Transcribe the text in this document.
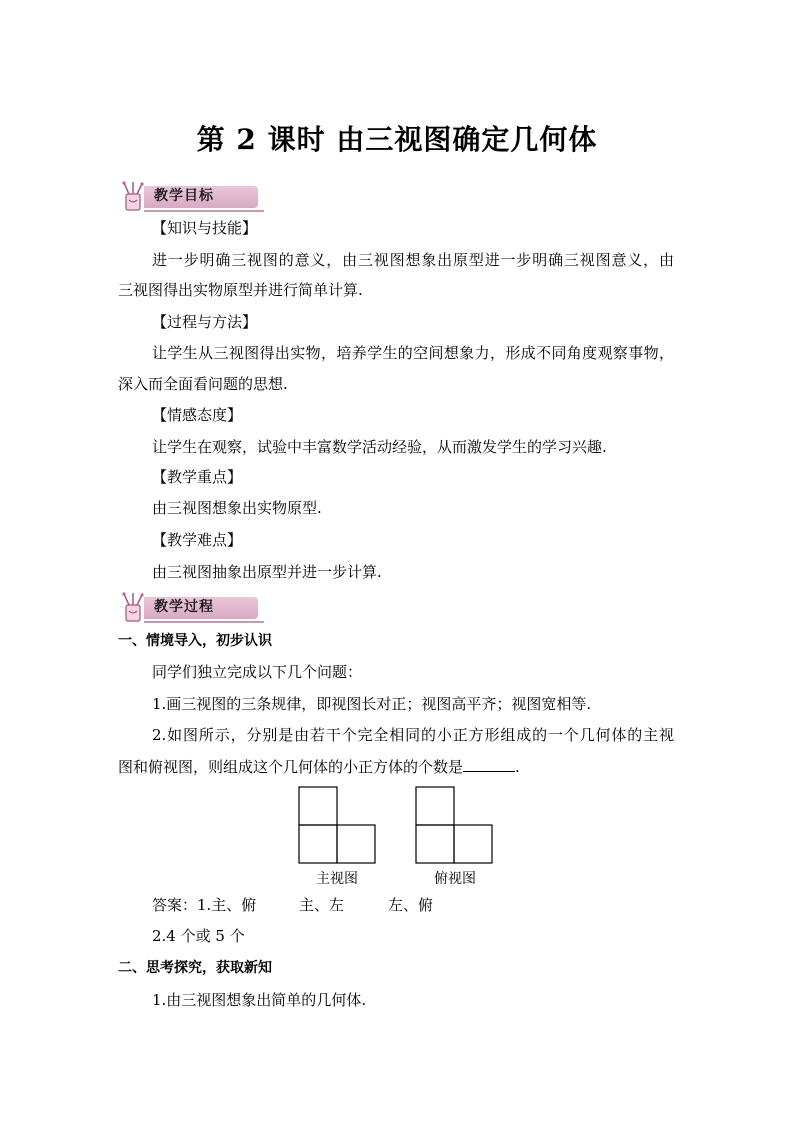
第 2 课时 由三视图确定几何体
教学目标
【知识与技能】
进一步明确三视图的意义，由三视图想象出原型进一步明确三视图意义，由
三视图得出实物原型并进行简单计算.
【过程与方法】
让学生从三视图得出实物，培养学生的空间想象力，形成不同角度观察事物，
深入而全面看问题的思想.
【情感态度】
让学生在观察，试验中丰富数学活动经验，从而激发学生的学习兴趣.
【教学重点】
由三视图想象出实物原型.
【教学难点】
由三视图抽象出原型并进一步计算.
教学过程
一、情境导入，初步认识
同学们独立完成以下几个问题：
1.画三视图的三条规律，即视图长对正；视图高平齐；视图宽相等.
2.如图所示，分别是由若干个完全相同的小正方形组成的一个几何体的主视
图和俯视图，则组成这个几何体的小正方体的个数是	.
主视图	俯视图
答案：1.主、俯	主、左	左、俯
2.4 个或 5 个
二、思考探究，获取新知
1.由三视图想象出简单的几何体.
